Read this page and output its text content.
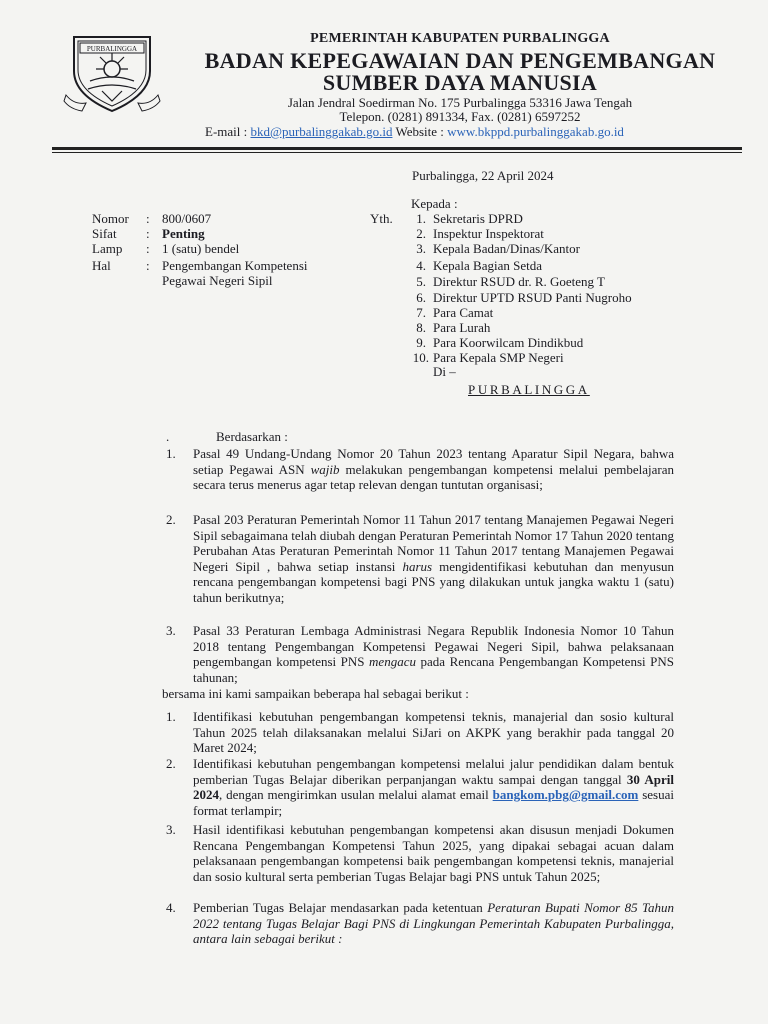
PURBALINGGA
PEMERINTAH KABUPATEN PURBALINGGA
BADAN KEPEGAWAIAN DAN PENGEMBANGAN
SUMBER DAYA MANUSIA
Jalan Jendral Soedirman No. 175 Purbalingga 53316 Jawa Tengah
Telepon. (0281) 891334, Fax. (0281) 6597252
E-mail : bkd@purbalinggakab.go.id Website : www.bkppd.purbalinggakab.go.id
Purbalingga, 22 April 2024
Nomor : 800/0607
Sifat : Penting
Lamp : 1 (satu) bendel
Hal	: Pengembangan Kompetensi
Pegawai Negeri Sipil
Kepada :
Yth.	1. Sekretaris DPRD
2. Inspektur Inspektorat
3. Kepala Badan/Dinas/Kantor
4. Kepala Bagian Setda
5. Direktur RSUD dr. R. Goeteng T
6. Direktur UPTD RSUD Panti Nugroho
7. Para Camat
8. Para Lurah
9. Para Koorwilcam Dindikbud
10. Para Kepala SMP Negeri
Di –
PURBALINGGA
.	Berdasarkan :
1. Pasal 49 Undang-Undang Nomor 20 Tahun 2023 tentang Aparatur Sipil Negara, bahwa setiap Pegawai ASN wajib melakukan pengembangan kompetensi melalui pembelajaran secara terus menerus agar tetap relevan dengan tuntutan organisasi;
2. Pasal 203 Peraturan Pemerintah Nomor 11 Tahun 2017 tentang Manajemen Pegawai Negeri Sipil sebagaimana telah diubah dengan Peraturan Pemerintah Nomor 17 Tahun 2020 tentang Perubahan Atas Peraturan Pemerintah Nomor 11 Tahun 2017 tentang Manajemen Pegawai Negeri Sipil , bahwa setiap instansi harus mengidentifikasi kebutuhan dan menyusun rencana pengembangan kompetensi bagi PNS yang dilakukan untuk jangka waktu 1 (satu) tahun berikutnya;
3. Pasal 33 Peraturan Lembaga Administrasi Negara Republik Indonesia Nomor 10 Tahun 2018 tentang Pengembangan Kompetensi Pegawai Negeri Sipil, bahwa pelaksanaan pengembangan kompetensi PNS mengacu pada Rencana Pengembangan Kompetensi PNS tahunan;
bersama ini kami sampaikan beberapa hal sebagai berikut :
1. Identifikasi kebutuhan pengembangan kompetensi teknis, manajerial dan sosio kultural Tahun 2025 telah dilaksanakan melalui SiJari on AKPK yang berakhir pada tanggal 20 Maret 2024;
2. Identifikasi kebutuhan pengembangan kompetensi melalui jalur pendidikan dalam bentuk pemberian Tugas Belajar diberikan perpanjangan waktu sampai dengan tanggal 30 April 2024, dengan mengirimkan usulan melalui alamat email bangkom.pbg@gmail.com sesuai format terlampir;
3. Hasil identifikasi kebutuhan pengembangan kompetensi akan disusun menjadi Dokumen Rencana Pengembangan Kompetensi Tahun 2025, yang dipakai sebagai acuan dalam pelaksanaan pengembangan kompetensi baik pengembangan kompetensi teknis, manajerial dan sosio kultural serta pemberian Tugas Belajar bagi PNS untuk Tahun 2025;
4. Pemberian Tugas Belajar mendasarkan pada ketentuan Peraturan Bupati Nomor 85 Tahun 2022 tentang Tugas Belajar Bagi PNS di Lingkungan Pemerintah Kabupaten Purbalingga, antara lain sebagai berikut :
